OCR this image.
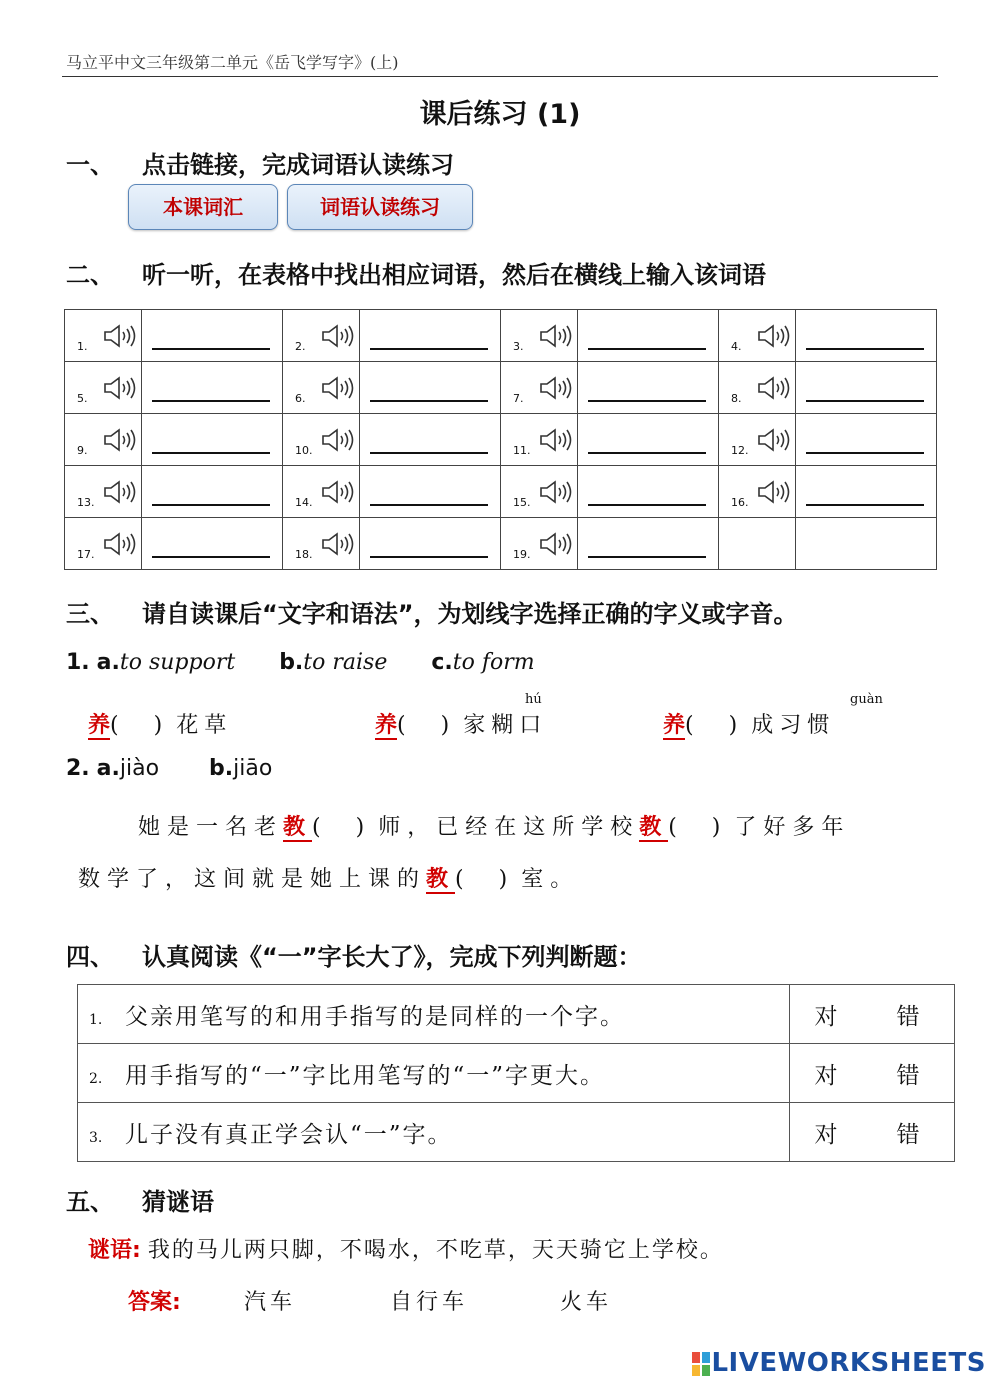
马立平中文三年级第二单元《岳飞学写字》(上)
课后练习 (1)
一、 点击链接，完成词语认读练习
本课词汇	词语认读练习
二、 听一听，在表格中找出相应词语，然后在横线上输入该词语
1.		2.		3.		4.	

5.		6.		7.		8.	

9.		10.		11.		12.	

13.		14.		15.		16.	

17.		18.		19.			

三、 请自读课后“文字和语法”，为划线字选择正确的字义或字音。
1. a.to support b.to raise c.to form
hú	guàn
养( )花草	养( )家糊口	养( )成习惯
2. a.jiào b.jiāo
她是一名老教( )师，已经在这所学校教( )了好多年
数学了，这间就是她上课的教( )室。
四、 认真阅读《“一”字长大了》，完成下列判断题：
1. 父亲用笔写的和用手指写的是同样的一个字。	对	错
2. 用手指写的“一”字比用笔写的“一”字更大。	对	错
3. 儿子没有真正学会认“一”字。	对	错
五、 猜谜语
谜语: 我的马儿两只脚，不喝水，不吃草，天天骑它上学校。
答案:	汽车	自行车	火车
LIVEWORKSHEETS
